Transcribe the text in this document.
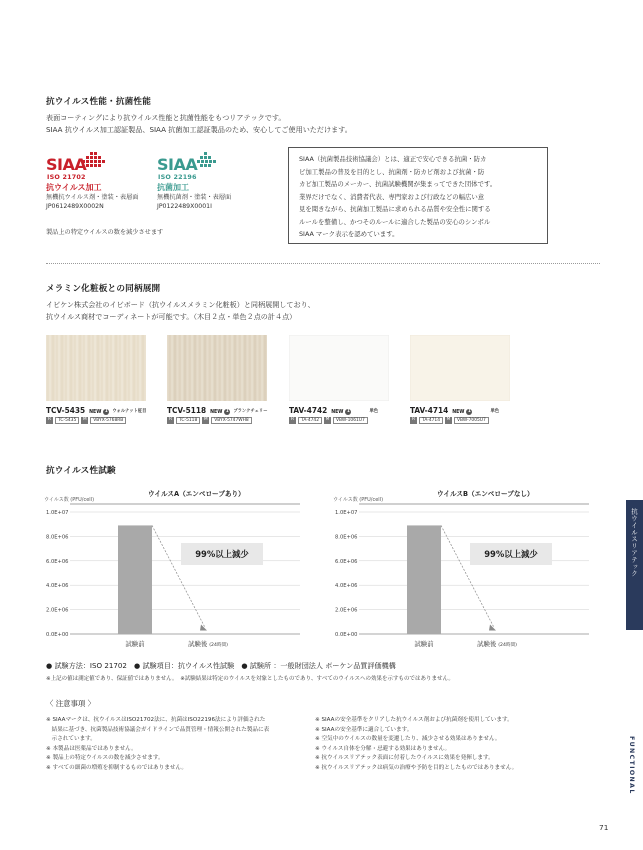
抗ウイルス性能・抗菌性能
表面コーティングにより抗ウイルス性能と抗菌性能をもつリアテックです。
SIAA 抗ウイルス加工認証製品、SIAA 抗菌加工認証製品のため、安心してご使用いただけます。
SIAA
ISO 21702
抗ウイルス加工
無機抗ウイルス剤・塗装・表層面
JP0612489X0002N
SIAA
ISO 22196
抗菌加工
無機抗菌剤・塗装・表層面
JP0122489X0001I
製品上の特定ウイルスの数を減少させます
SIAA（抗菌製品技術協議会）とは、適正で安心できる抗菌・防カ
ビ加工製品の普及を目的とし、抗菌剤・防カビ剤および抗菌・防
カビ加工製品のメーカー、抗菌試験機関が集まってできた団体です。
業界だけでなく、消費者代表、専門家および行政などの幅広い意
見を聞きながら、抗菌加工製品に求められる品質や安全性に関する
ルールを整備し、かつそのルールに適合した製品の安心のシンボル
SIAA マーク表示を認めています。
メラミン化粧板との同柄展開
イビケン株式会社のイビボード（抗ウイルスメラミン化粧板）と同柄展開しており、
抗ウイルス商材でコーディネートが可能です。（木目２点・単色２点の計４点）
TCV-5435 NEW 1 ウォルナット柾目	TCV-5118 NEW 1 ブランクチェリー	TAV-4742 NEW 1	単色	TAV-4714 NEW 1	単色
R	TC-5435	M	VBYX-5768RB	R	TC-5118	M	VBYX-5747WH8	R	TA-4742	M	VBW-1061U7	R	TA-4714	M	VBW-7005U7
抗ウイルス性試験
ウイルス数 (PFU/cell)
ウイルスA（エンベロープあり）
0.0E+00
2.0E+06
4.0E+06
6.0E+06
8.0E+06
1.0E+07
99%以上減少
試験前	試験後 (24時間)
ウイルス数 (PFU/cell)
ウイルスB（エンベロープなし）
0.0E+00
2.0E+06
4.0E+06
6.0E+06
8.0E+06
1.0E+07
99%以上減少
試験前	試験後 (24時間)
● 試験方法：ISO 21702　● 試験項目：抗ウイルス性試験　● 試験所 ：一般財団法人 ボーケン品質評価機構
※上記の値は測定値であり、保証値ではありません。　※試験結果は特定のウイルスを対象としたものであり、すべてのウイルスへの効果を示すものではありません。
〈 注意事項 〉
※ SIAAマークは、抗ウイルスはISO21702法に、抗菌はISO22196法により評価された
　結果に基づき、抗菌製品技術協議会ガイドラインで品質管理・情報公開された製品に表
　示されています。
※ 本製品は医薬品ではありません。
※ 製品上の特定ウイルスの数を減少させます。
※ すべての細菌の増殖を抑制するものではありません。
※ SIAAの安全基準をクリアした抗ウイルス剤および抗菌剤を使用しています。
※ SIAAの安全基準に適合しています。
※ 空気中のウイルスの数量を変遷したり、減少させる効果はありません。
※ ウイルス自体を分解・忌避する効果はありません。
※ 抗ウイルスリアテック表面に付着したウイルスに効果を発揮します。
※ 抗ウイルスリアテックは病気の治療や予防を目的としたものではありません。
抗ウイルスリアテック
FUNCTIONAL
71
